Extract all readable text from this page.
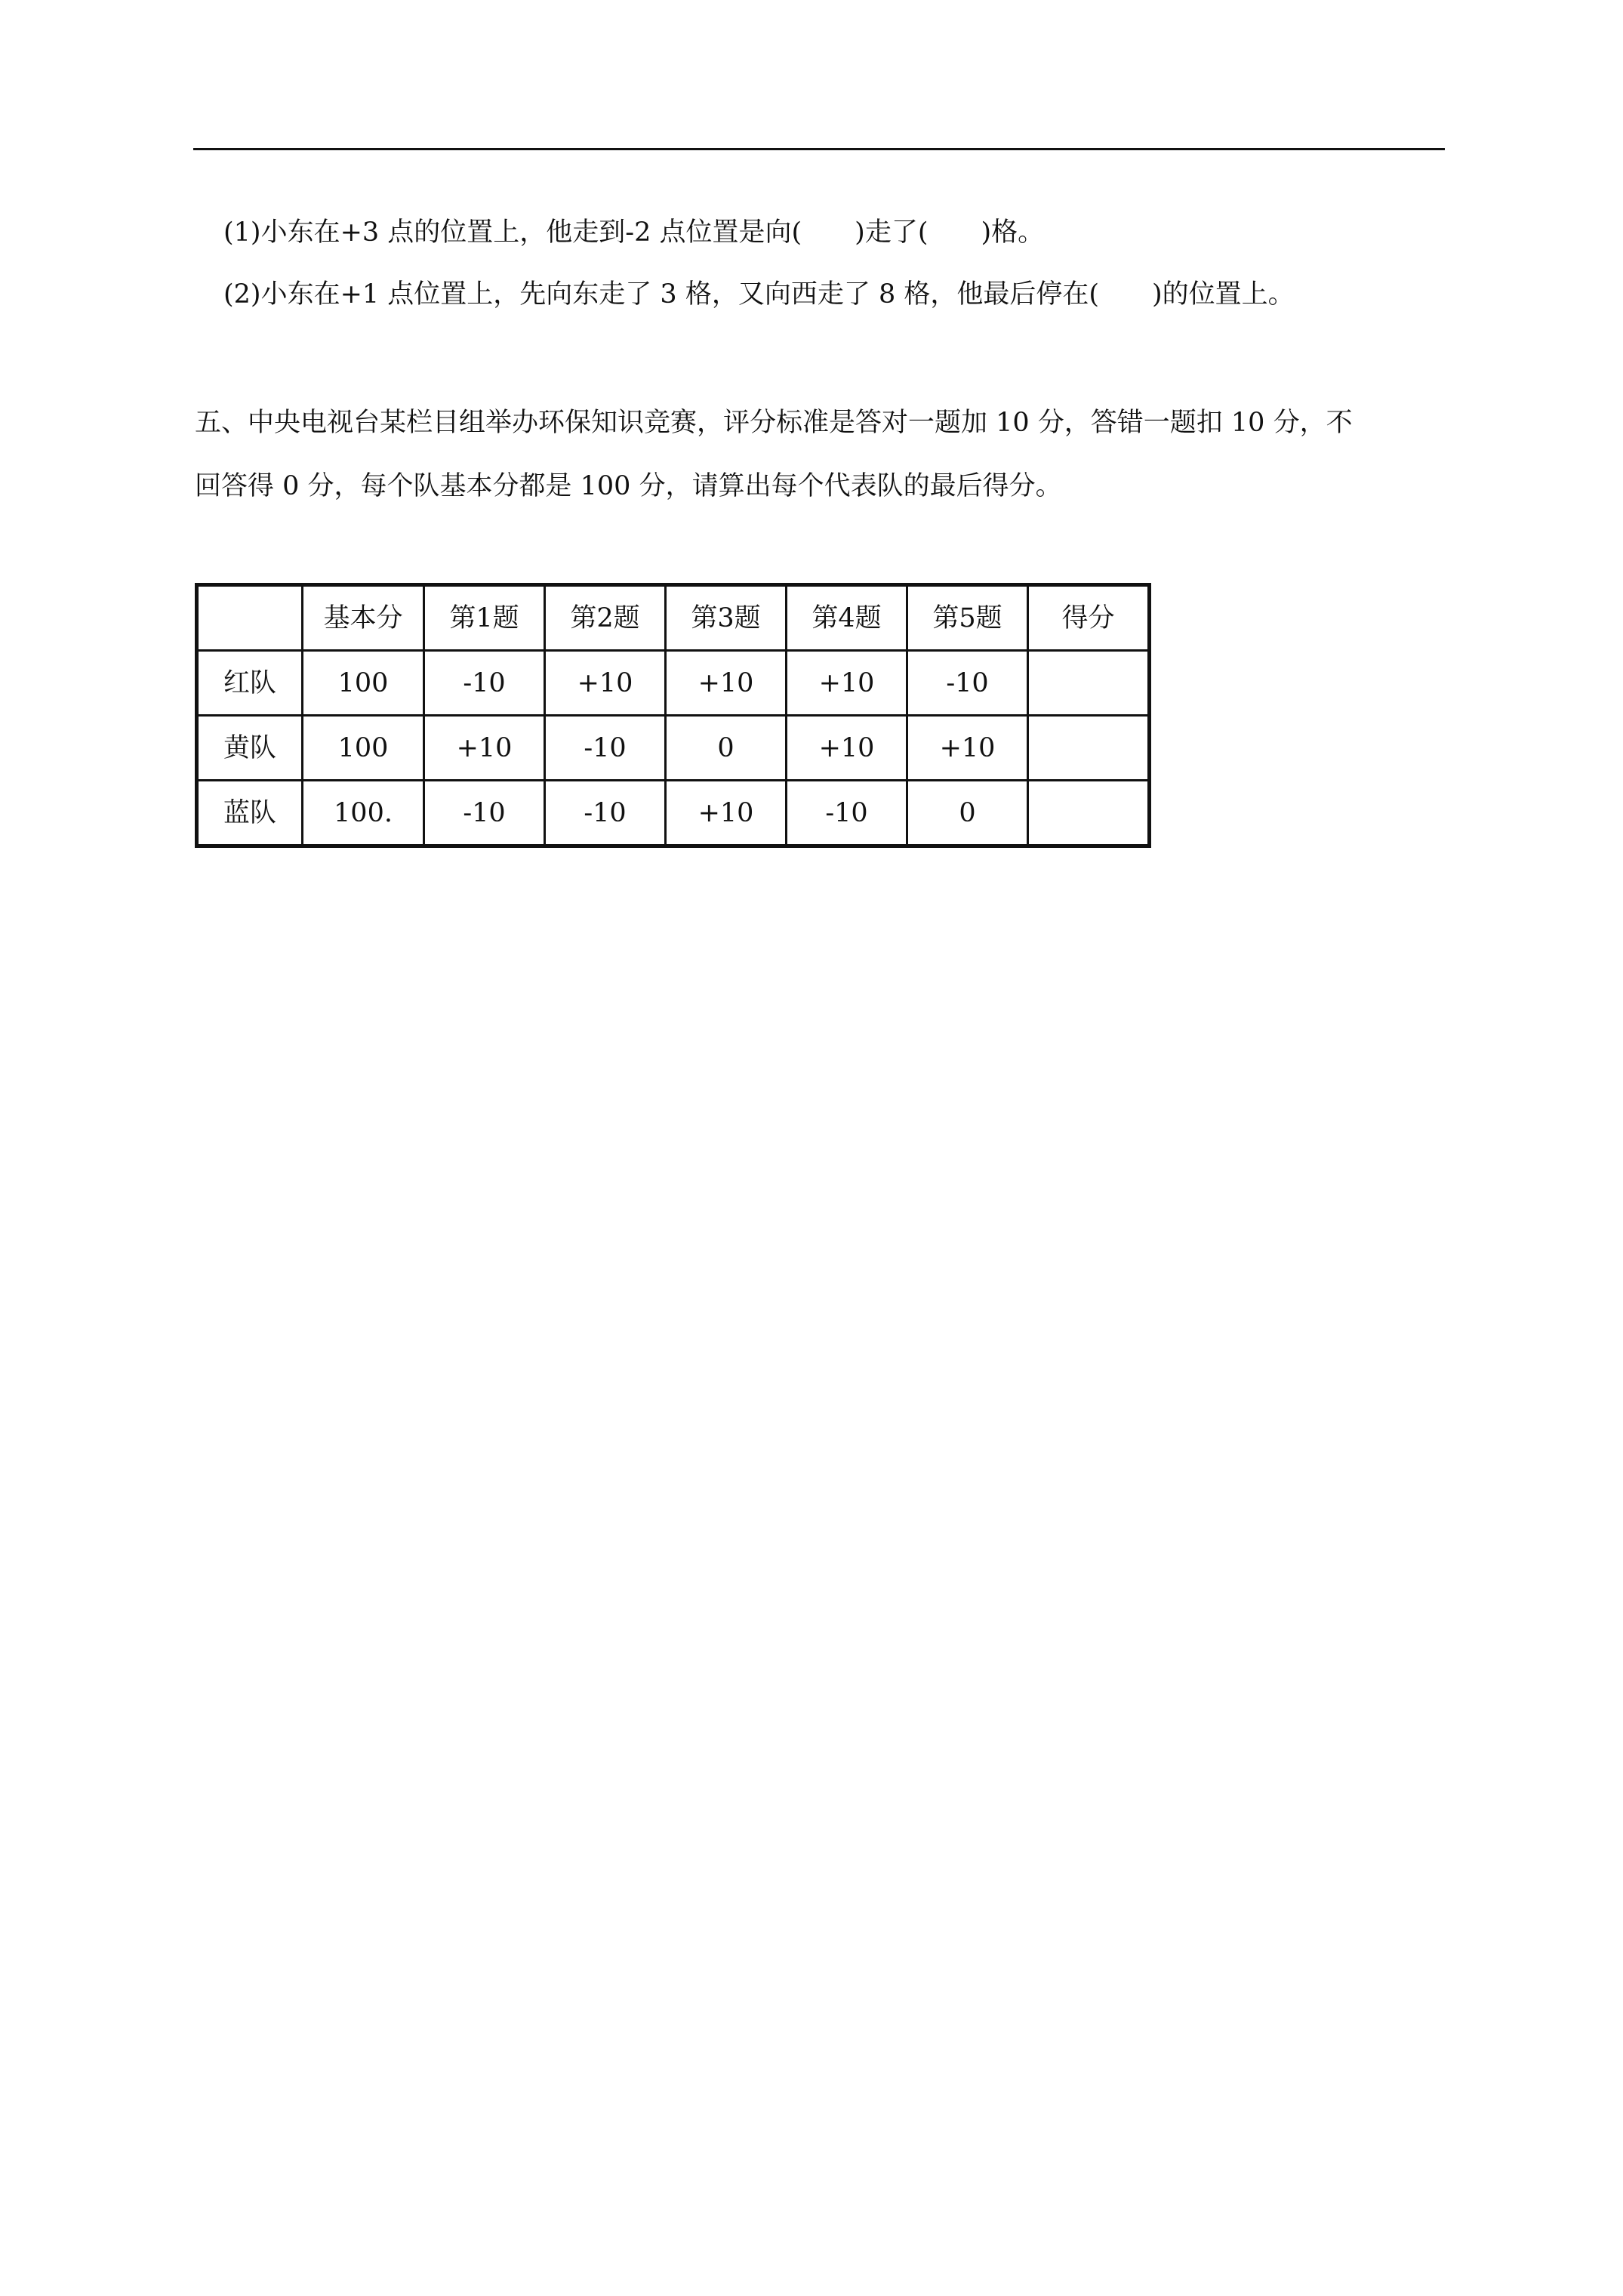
(1)小东在+3 点的位置上，他走到-2 点位置是向(　　)走了(　　)格。
(2)小东在+1 点位置上，先向东走了 3 格，又向西走了 8 格，他最后停在(　　)的位置上。
五、中央电视台某栏目组举办环保知识竞赛，评分标准是答对一题加 10 分，答错一题扣 10 分，不
回答得 0 分，每个队基本分都是 100 分，请算出每个代表队的最后得分。
	基本分	第1题	第2题	第3题	第4题	第5题	得分
红队	100	-10	+10	+10	+10	-10	
黄队	100	+10	-10	0	+10	+10	
蓝队	100.	-10	-10	+10	-10	0	
